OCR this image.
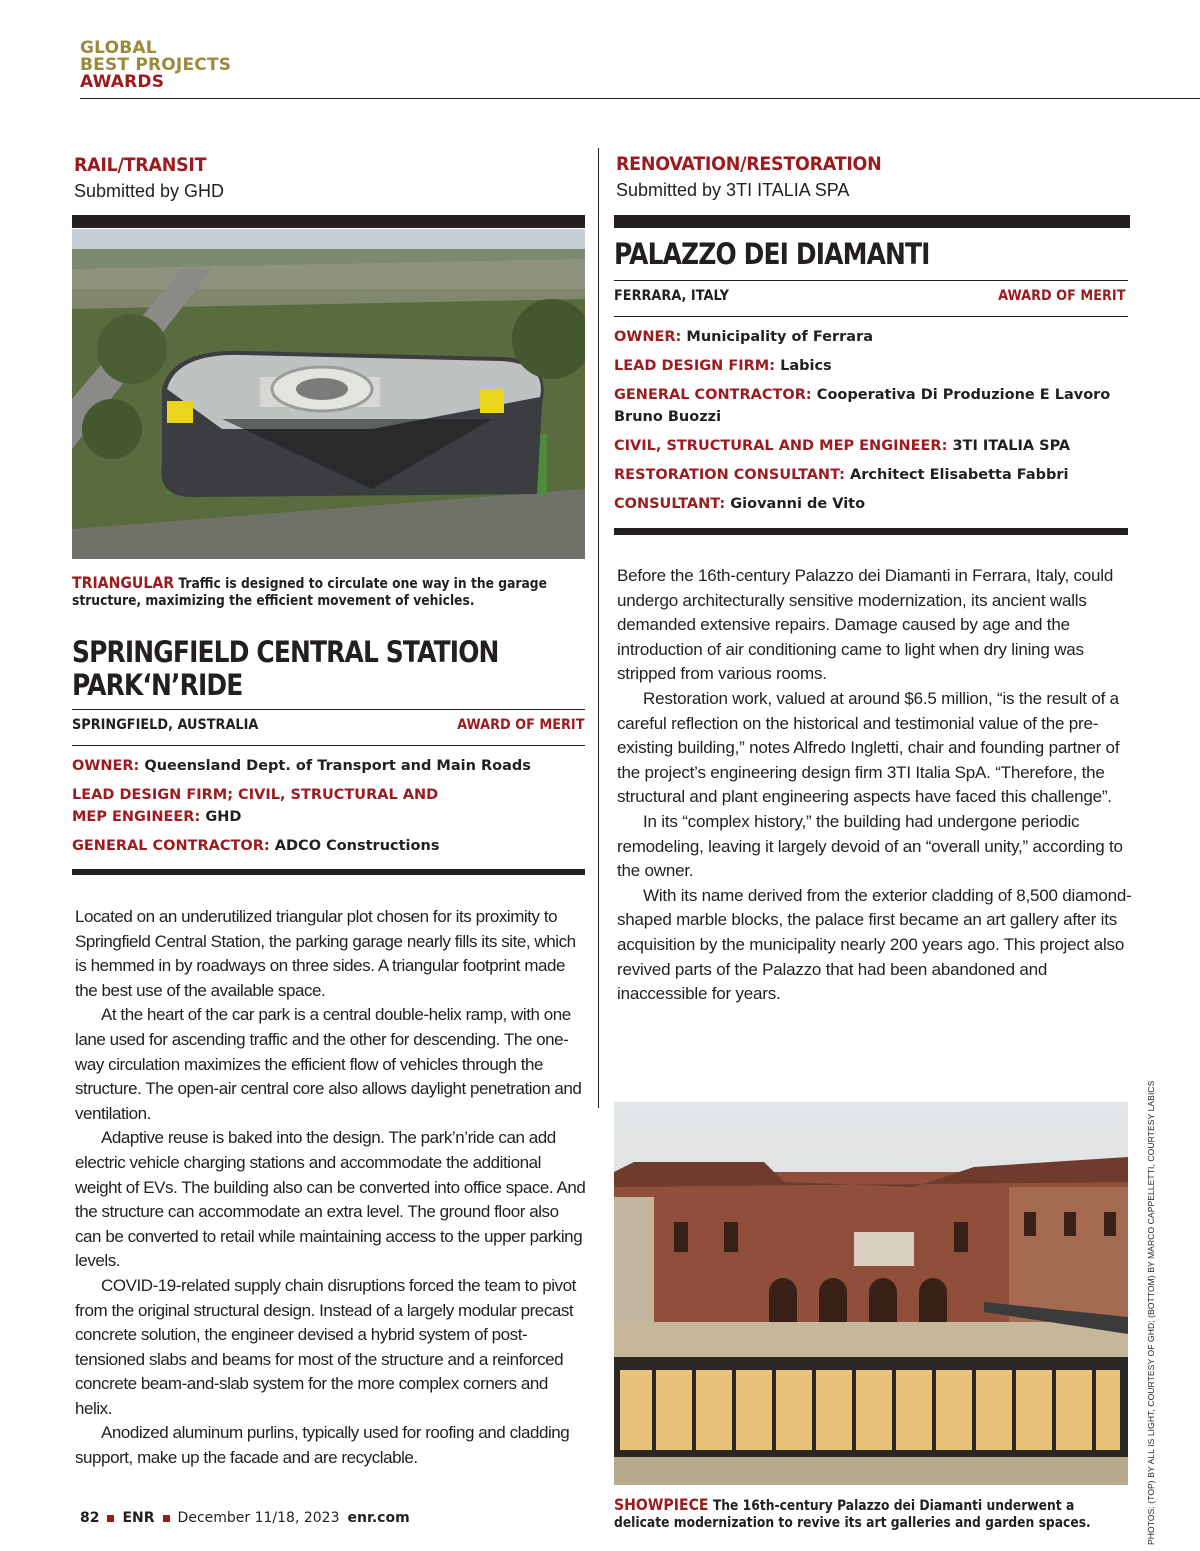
GLOBAL
BEST PROJECTS
AWARDS
RAIL/TRANSIT
Submitted by GHD
TRIANGULAR Traffic is designed to circulate one way in the garage structure, maximizing the efficient movement of vehicles.
SPRINGFIELD CENTRAL STATION
PARK‘N’RIDE
SPRINGFIELD, AUSTRALIA	AWARD OF MERIT
OWNER: Queensland Dept. of Transport and Main Roads
LEAD DESIGN FIRM; CIVIL, STRUCTURAL AND MEP ENGINEER: GHD
GENERAL CONTRACTOR: ADCO Constructions

Located on an underutilized triangular plot chosen for its proximity to Springfield Central Station, the parking garage nearly fills its site, which is hemmed in by roadways on three sides. A triangular footprint made the best use of the available space.

At the heart of the car park is a central double-helix ramp, with one lane used for ascending traffic and the other for descending. The one-way circulation maximizes the efficient flow of vehicles through the structure. The open-air central core also allows daylight penetration and ventilation.

Adaptive reuse is baked into the design. The park’n’ride can add electric vehicle charging stations and accommodate the additional weight of EVs. The building also can be converted into office space. And the structure can accommodate an extra level. The ground floor also can be converted to retail while maintaining access to the upper parking levels.

COVID-19-related supply chain disruptions forced the team to pivot from the original structural design. Instead of a largely modular precast concrete solution, the engineer devised a hybrid system of post-tensioned slabs and beams for most of the structure and a reinforced concrete beam-and-slab system for the more complex corners and helix.

Anodized aluminum purlins, typically used for roofing and cladding support, make up the facade and are recyclable.

RENOVATION/RESTORATION
Submitted by 3TI ITALIA SPA
PALAZZO DEI DIAMANTI
FERRARA, ITALY	AWARD OF MERIT
OWNER: Municipality of Ferrara
LEAD DESIGN FIRM: Labics
GENERAL CONTRACTOR: Cooperativa Di Produzione E Lavoro Bruno Buozzi
CIVIL, STRUCTURAL AND MEP ENGINEER: 3TI ITALIA SPA
RESTORATION CONSULTANT: Architect Elisabetta Fabbri
CONSULTANT: Giovanni de Vito

Before the 16th-century Palazzo dei Diamanti in Ferrara, Italy, could undergo architecturally sensitive modernization, its ancient walls demanded extensive repairs. Damage caused by age and the introduction of air conditioning came to light when dry lining was stripped from various rooms.

Restoration work, valued at around $6.5 million, “is the result of a careful reflection on the historical and testimonial value of the pre-existing building,” notes Alfredo Ingletti, chair and founding partner of the project’s engineering design firm 3TI Italia SpA. “Therefore, the structural and plant engineering aspects have faced this challenge”.

In its “complex history,” the building had undergone periodic remodeling, leaving it largely devoid of an “overall unity,” according to the owner.

With its name derived from the exterior cladding of 8,500 diamond-shaped marble blocks, the palace first became an art gallery after its acquisition by the municipality nearly 200 years ago. This project also revived parts of the Palazzo that had been abandoned and inaccessible for years.

SHOWPIECE The 16th-century Palazzo dei Diamanti underwent a delicate modernization to revive its art galleries and garden spaces.	PHOTOS: (TOP) BY ALL IS LIGHT, COURTESY OF GHD; (BOTTOM) BY MARCO CAPPELLETTI, COURTESY LABICS
82 ENR December 11/18, 2023 enr.com
